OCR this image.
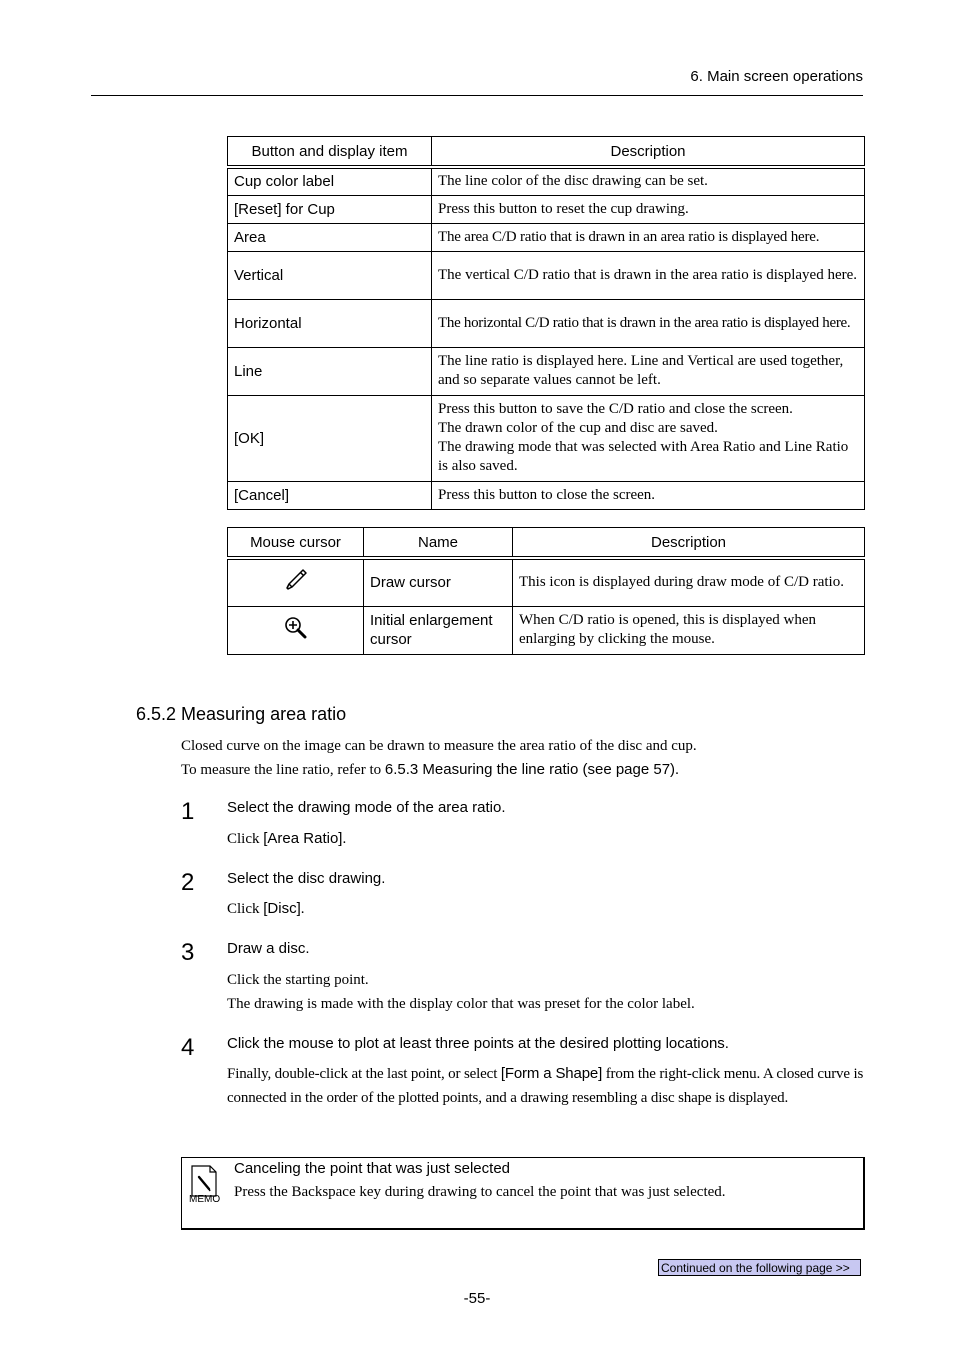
6. Main screen operations
Button and display item	Description
Cup color label	The line color of the disc drawing can be set.
[Reset] for Cup	Press this button to reset the cup drawing.
Area	The area C/D ratio that is drawn in an area ratio is displayed here.
Vertical	The vertical C/D ratio that is drawn in the area ratio is displayed here.
Horizontal	The horizontal C/D ratio that is drawn in the area ratio is displayed here.
Line	The line ratio is displayed here. Line and Vertical are used together, and so separate values cannot be left.
[OK]	Press this button to save the C/D ratio and close the screen.
The drawn color of the cup and disc are saved.
The drawing mode that was selected with Area Ratio and Line Ratio is also saved.

[Cancel]	Press this button to close the screen.
Mouse cursor	Name	Description
	Draw cursor	This icon is displayed during draw mode of C/D ratio.
	Initial enlargement cursor	When C/D ratio is opened, this is displayed when enlarging by clicking the mouse.
6.5.2 Measuring area ratio
Closed curve on the image can be drawn to measure the area ratio of the disc and cup.
To measure the line ratio, refer to 6.5.3 Measuring the line ratio (see page 57).
1 Select the drawing mode of the area ratio.
Click [Area Ratio].
2 Select the disc drawing.
Click [Disc].
3 Draw a disc.
Click the starting point.
The drawing is made with the display color that was preset for the color label.
4 Click the mouse to plot at least three points at the desired plotting locations.
Finally, double-click at the last point, or select [Form a Shape] from the right-click menu. A closed curve is connected in the order of the plotted points, and a drawing resembling a disc shape is displayed.
MEMO
Canceling the point that was just selected
Press the Backspace key during drawing to cancel the point that was just selected.
Continued on the following page >>
-55-
